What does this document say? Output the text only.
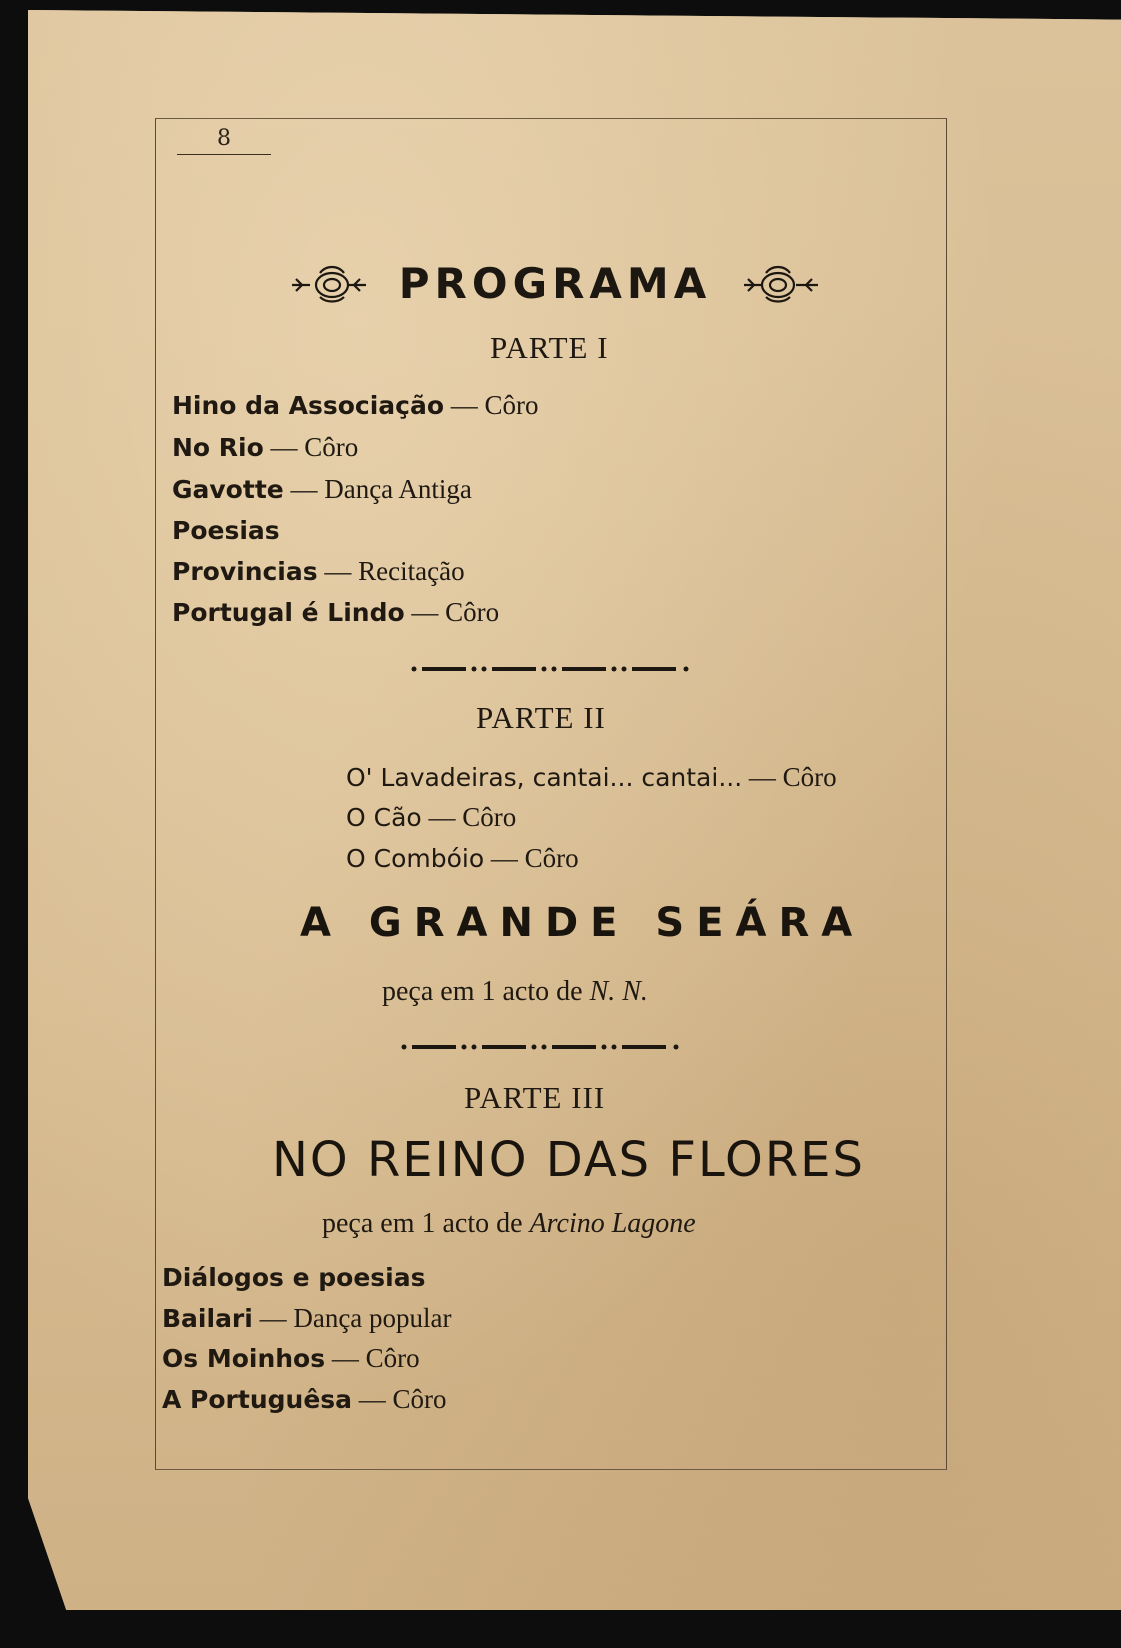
8
PROGRAMA
PARTE I
Hino da Associação — Côro
No Rio — Côro
Gavotte — Dança Antiga
Poesias
Provincias — Recitação
Portugal é Lindo — Côro
PARTE II
O' Lavadeiras, cantai... cantai... — Côro
O Cão — Côro
O Combóio — Côro
A GRANDE SEÁRA
peça em 1 acto de N. N.
PARTE III
NO REINO DAS FLORES
peça em 1 acto de Arcino Lagone
Diálogos e poesias
Bailari — Dança popular
Os Moinhos — Côro
A Portuguêsa — Côro
